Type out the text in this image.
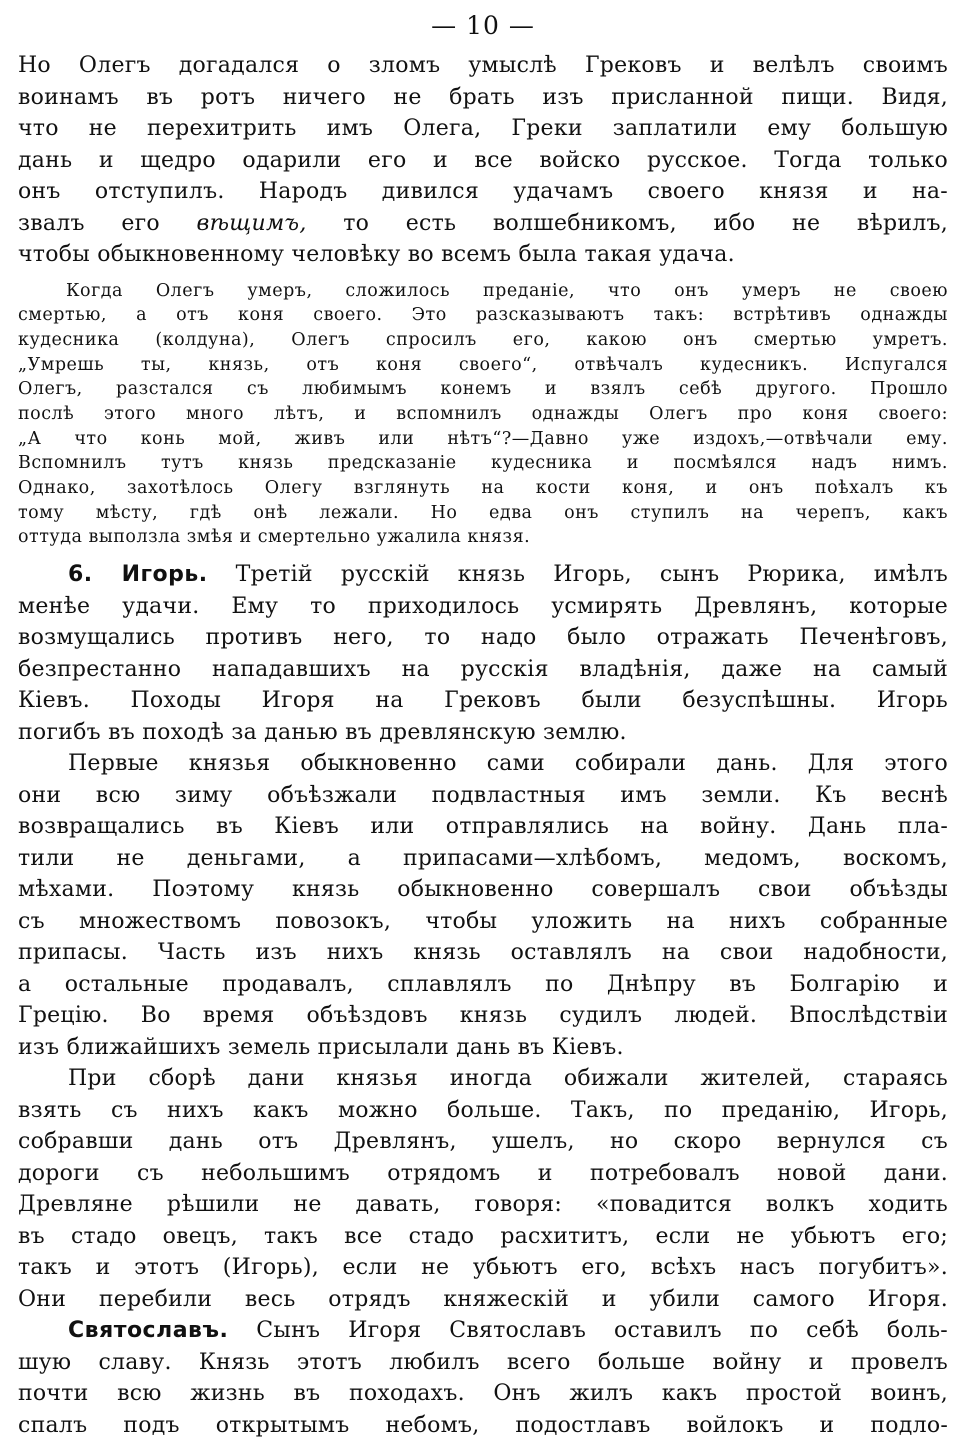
— 10 —
Но Олегъ догадался о зломъ умыслѣ Грековъ и велѣлъ своимъ
воинамъ въ ротъ ничего не брать изъ присланной пищи. Видя,
что не перехитрить имъ Олега, Греки заплатили ему большую
дань и щедро одарили его и все войско русское. Тогда только
онъ отступилъ. Народъ дивился удачамъ своего князя и на-
звалъ его вѣщимъ, то есть волшебникомъ, ибо не вѣрилъ,
чтобы обыкновенному человѣку во всемъ была такая удача.
Когда Олегъ умеръ, сложилось преданіе, что онъ умеръ не своею
смертью, а отъ коня своего. Это разсказываютъ такъ: встрѣтивъ однажды
кудесника (колдуна), Олегъ спросилъ его, какою онъ смертью умретъ.
„Умрешь ты, князь, отъ коня своего“, отвѣчалъ кудесникъ. Испугался
Олегъ, разстался съ любимымъ конемъ и взялъ себѣ другого. Прошло
послѣ этого много лѣтъ, и вспомнилъ однажды Олегъ про коня своего:
„А что конь мой, живъ или нѣтъ“?—Давно уже издохъ,—отвѣчали ему.
Вспомнилъ тутъ князь предсказаніе кудесника и посмѣялся надъ нимъ.
Однако, захотѣлось Олегу взглянуть на кости коня, и онъ поѣхалъ къ
тому мѣсту, гдѣ онѣ лежали. Но едва онъ ступилъ на черепъ, какъ
оттуда выползла змѣя и смертельно ужалила князя.
6. Игорь. Третій русскій князь Игорь, сынъ Рюрика, имѣлъ
менѣе удачи. Ему то приходилось усмирять Древлянъ, которые
возмущались противъ него, то надо было отражать Печенѣговъ,
безпрестанно нападавшихъ на русскія владѣнія, даже на самый
Кіевъ. Походы Игоря на Грековъ были безуспѣшны. Игорь
погибъ въ походѣ за данью въ древлянскую землю.
Первые князья обыкновенно сами собирали дань. Для этого
они всю зиму объѣзжали подвластныя имъ земли. Къ веснѣ
возвращались въ Кіевъ или отправлялись на войну. Дань пла-
тили не деньгами, а припасами—хлѣбомъ, медомъ, воскомъ,
мѣхами. Поэтому князь обыкновенно совершалъ свои объѣзды
съ множествомъ повозокъ, чтобы уложить на нихъ собранные
припасы. Часть изъ нихъ князь оставлялъ на свои надобности,
а остальные продавалъ, сплавлялъ по Днѣпру въ Болгарію и
Грецію. Во время объѣздовъ князь судилъ людей. Впослѣдствіи
изъ ближайшихъ земель присылали дань въ Кіевъ.
При сборѣ дани князья иногда обижали жителей, стараясь
взять съ нихъ какъ можно больше. Такъ, по преданію, Игорь,
собравши дань отъ Древлянъ, ушелъ, но скоро вернулся съ
дороги съ небольшимъ отрядомъ и потребовалъ новой дани.
Древляне рѣшили не давать, говоря: «повадится волкъ ходить
въ стадо овецъ, такъ все стадо расхититъ, если не убьютъ его;
такъ и этотъ (Игорь), если не убьютъ его, всѣхъ насъ погубитъ».
Они перебили весь отрядъ княжескій и убили самого Игоря.
Святославъ. Сынъ Игоря Святославъ оставилъ по себѣ боль-
шую славу. Князь этотъ любилъ всего больше войну и провелъ
почти всю жизнь въ походахъ. Онъ жилъ какъ простой воинъ,
спалъ подъ открытымъ небомъ, подостлавъ войлокъ и подло-
